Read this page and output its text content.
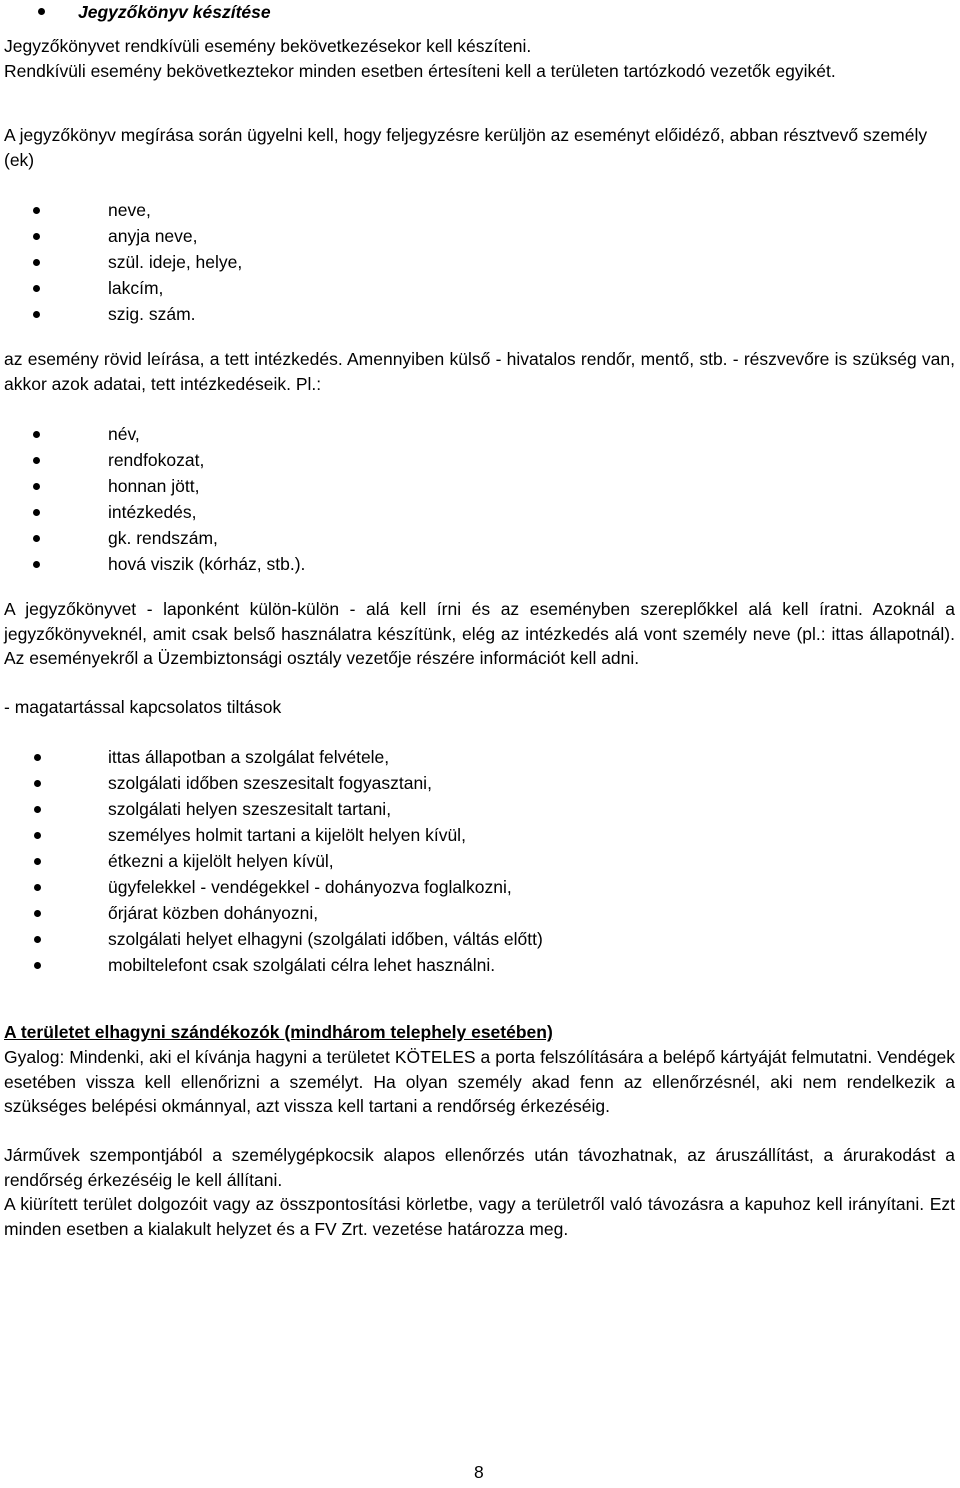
Jegyzőkönyv készítése

Jegyzőkönyvet rendkívüli esemény bekövetkezésekor kell készíteni.

Rendkívüli esemény bekövetkeztekor minden esetben értesíteni kell a területen tartózkodó vezetők egyikét.

A jegyzőkönyv megírása során ügyelni kell, hogy feljegyzésre kerüljön az eseményt előidéző, abban résztvevő személy (ek)

neve,
anyja neve,
szül. ideje, helye,
lakcím,
szig. szám.

az esemény rövid leírása, a tett intézkedés. Amennyiben külső - hivatalos rendőr, mentő, stb. - részvevőre is szükség van, akkor azok adatai, tett intézkedéseik. Pl.:

név,
rendfokozat,
honnan jött,
intézkedés,
gk. rendszám,
hová viszik (kórház, stb.).

A jegyzőkönyvet - laponként külön-külön - alá kell írni és az eseményben szereplőkkel alá kell íratni. Azoknál a jegyzőkönyveknél, amit csak belső használatra készítünk, elég az intézkedés alá vont személy neve (pl.: ittas állapotnál). Az eseményekről a Üzembiztonsági osztály vezetője részére információt kell adni.

- magatartással kapcsolatos tiltások

ittas állapotban a szolgálat felvétele,
szolgálati időben szeszesitalt fogyasztani,
szolgálati helyen szeszesitalt tartani,
személyes holmit tartani a kijelölt helyen kívül,
étkezni a kijelölt helyen kívül,
ügyfelekkel - vendégekkel - dohányozva foglalkozni,
őrjárat közben dohányozni,
szolgálati helyet elhagyni (szolgálati időben, váltás előtt)
mobiltelefont csak szolgálati célra lehet használni.

A területet elhagyni szándékozók (mindhárom telephely esetében)

Gyalog: Mindenki, aki el kívánja hagyni a területet KÖTELES a porta felszólítására a belépő kártyáját felmutatni. Vendégek esetében vissza kell ellenőrizni a személyt. Ha olyan személy akad fenn az ellenőrzésnél, aki nem rendelkezik a szükséges belépési okmánnyal, azt vissza kell tartani a rendőrség érkezéséig.

Járművek szempontjából a személygépkocsik alapos ellenőrzés után távozhatnak, az áruszállítást, a árurakodást a rendőrség érkezéséig le kell állítani.

A kiürített terület dolgozóit vagy az összpontosítási körletbe, vagy a területről való távozásra a kapuhoz kell irányítani. Ezt minden esetben a kialakult helyzet és a FV Zrt. vezetése határozza meg.

8
